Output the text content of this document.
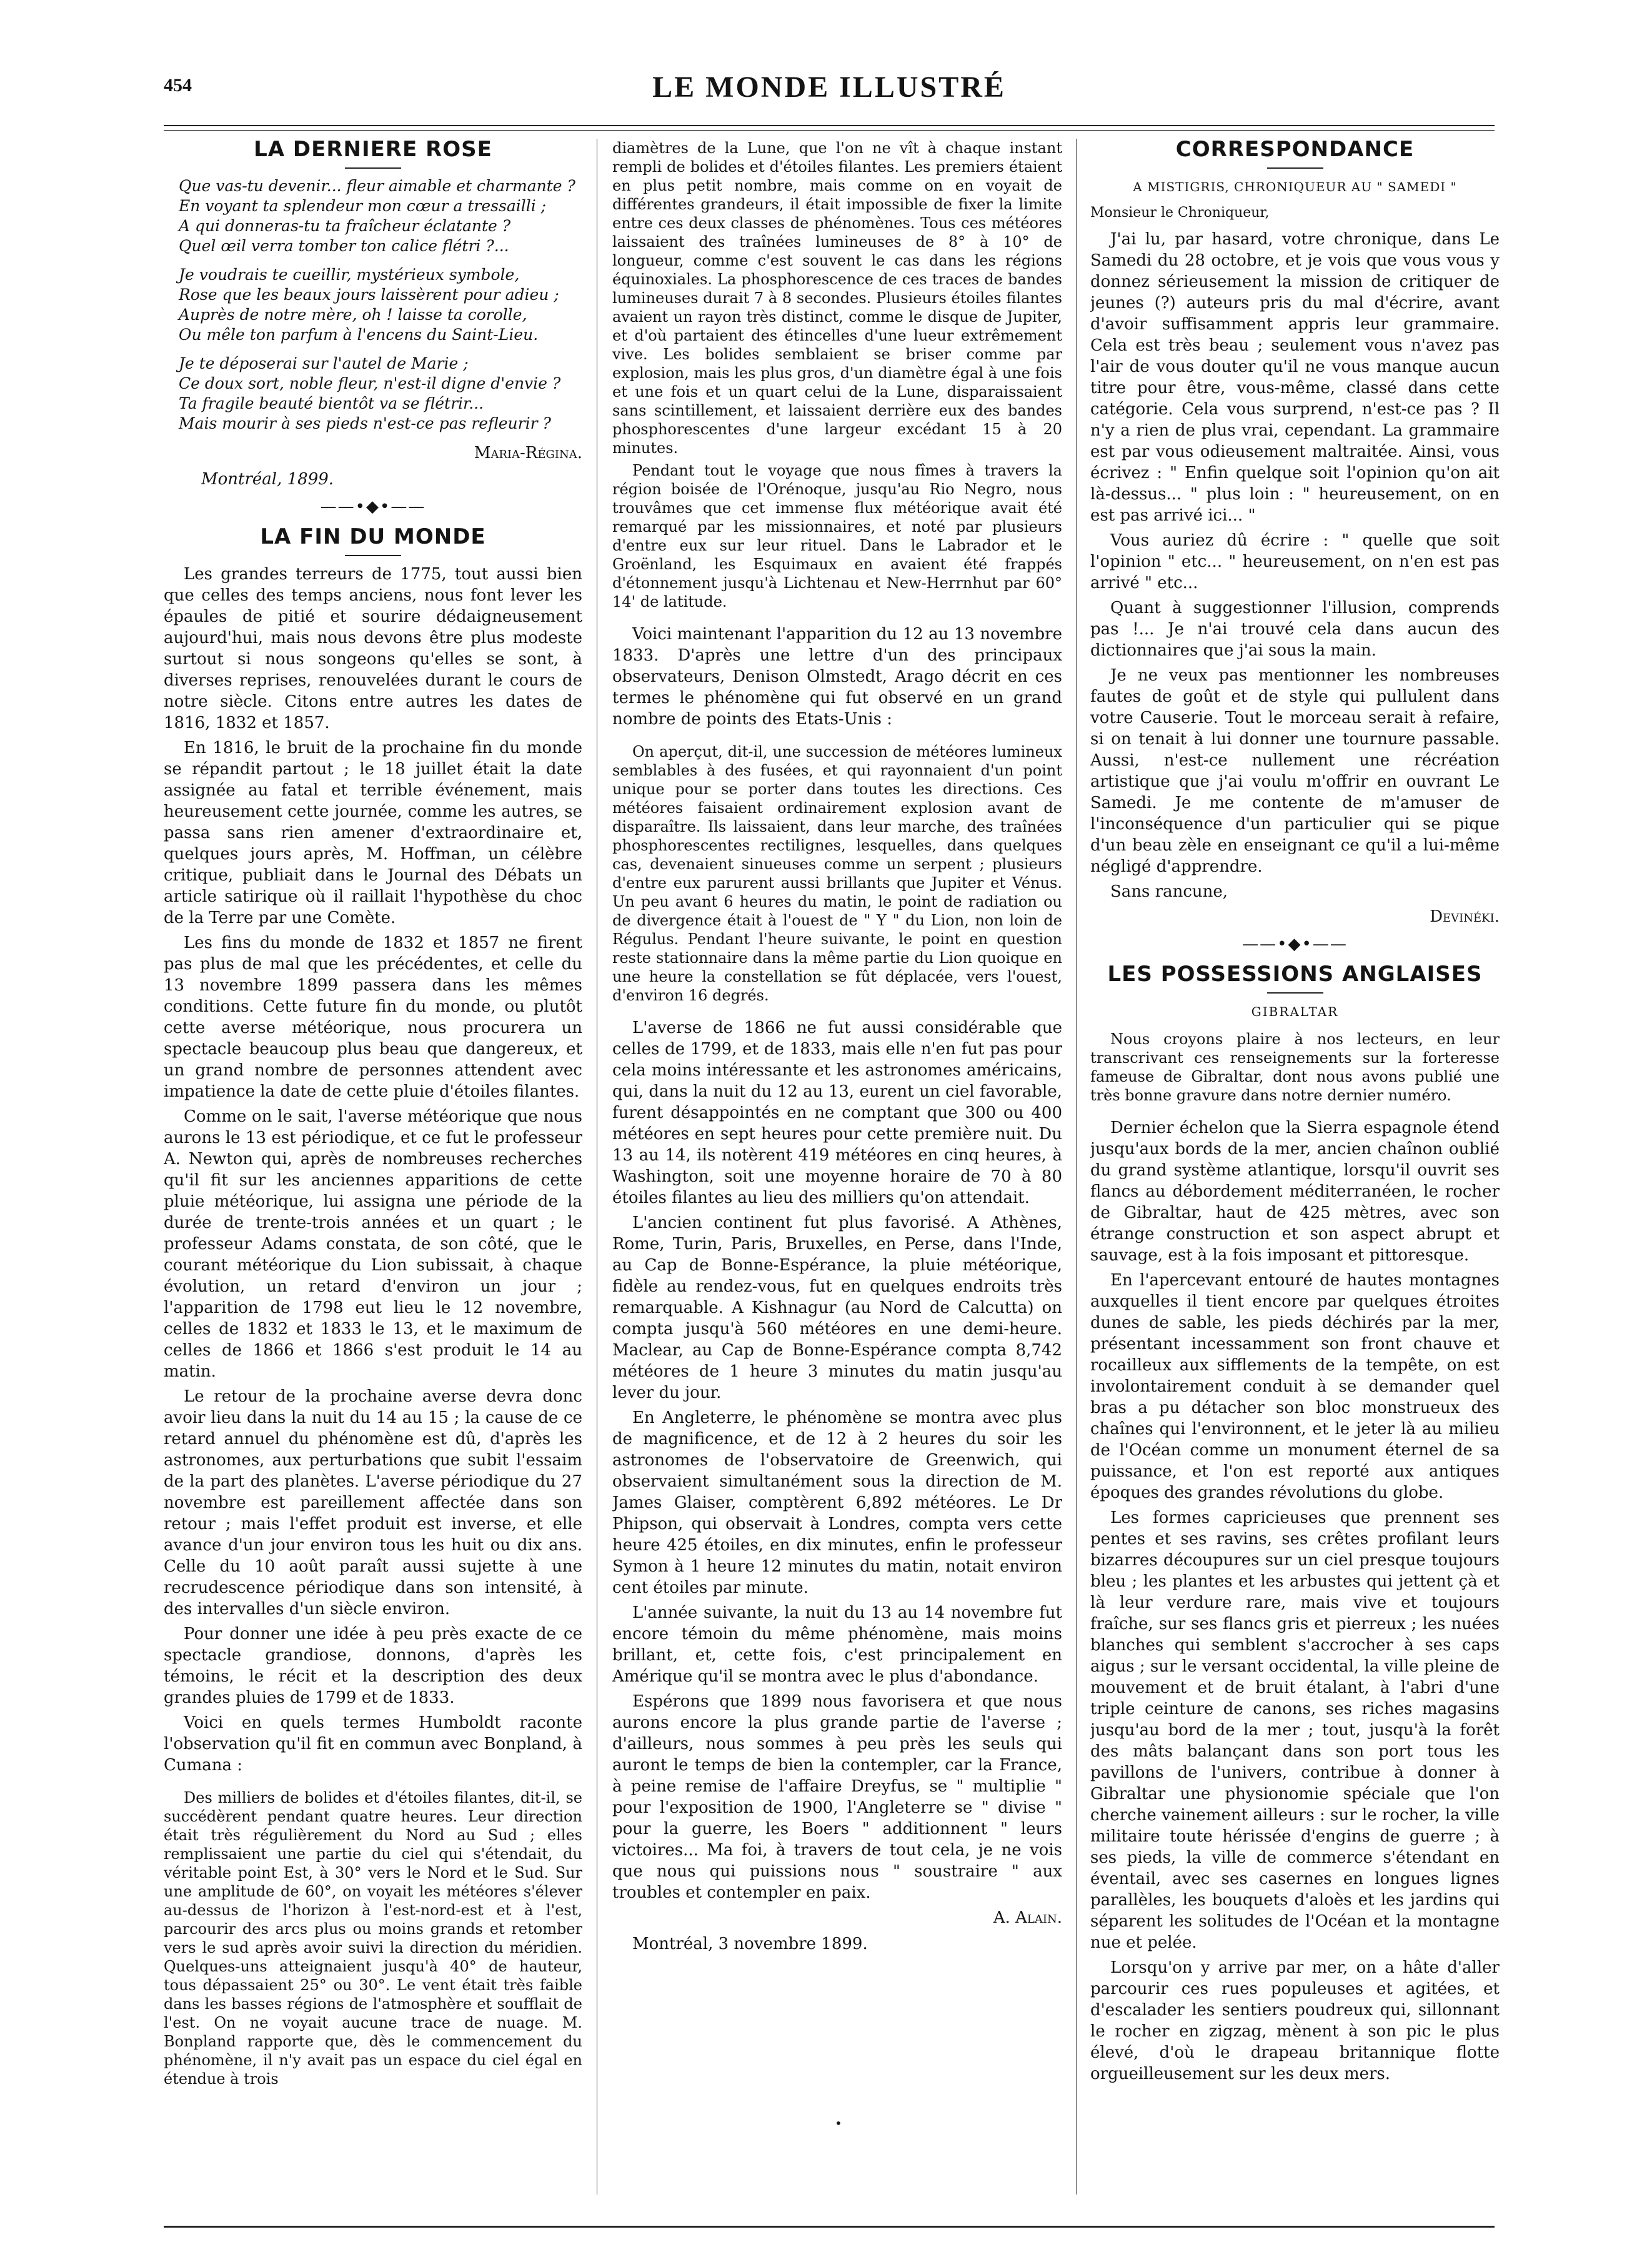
454	LE MONDE ILLUSTRÉ
LA DERNIERE ROSE
Que vas-tu devenir... fleur aimable et charmante ?
En voyant ta splendeur mon cœur a tressailli ;
A qui donneras-tu ta fraîcheur éclatante ?
Quel œil verra tomber ton calice flétri ?...
Je voudrais te cueillir, mystérieux symbole,
Rose que les beaux jours laissèrent pour adieu ;
Auprès de notre mère, oh ! laisse ta corolle,
Ou mêle ton parfum à l'encens du Saint-Lieu.
Je te déposerai sur l'autel de Marie ;
Ce doux sort, noble fleur, n'est-il digne d'envie ?
Ta fragile beauté bientôt va se flétrir...
Mais mourir à ses pieds n'est-ce pas refleurir ?
Maria-Régina.
Montréal, 1899.
——•◆•——
LA FIN DU MONDE

Les grandes terreurs de 1775, tout aussi bien que celles des temps anciens, nous font lever les épaules de pitié et sourire dédaigneusement aujourd'hui, mais nous devons être plus modeste surtout si nous songeons qu'elles se sont, à diverses reprises, renouvelées durant le cours de notre siècle. Citons entre autres les dates de 1816, 1832 et 1857.

En 1816, le bruit de la prochaine fin du monde se répandit partout ; le 18 juillet était la date assignée au fatal et terrible événement, mais heureusement cette journée, comme les autres, se passa sans rien amener d'extraordinaire et, quelques jours après, M. Hoffman, un célèbre critique, publiait dans le Journal des Débats un article satirique où il raillait l'hypothèse du choc de la Terre par une Comète.

Les fins du monde de 1832 et 1857 ne firent pas plus de mal que les précédentes, et celle du 13 novembre 1899 passera dans les mêmes conditions. Cette future fin du monde, ou plutôt cette averse météorique, nous procurera un spectacle beaucoup plus beau que dangereux, et un grand nombre de personnes attendent avec impatience la date de cette pluie d'étoiles filantes.

Comme on le sait, l'averse météorique que nous aurons le 13 est périodique, et ce fut le professeur A. Newton qui, après de nombreuses recherches qu'il fit sur les anciennes apparitions de cette pluie météorique, lui assigna une période de la durée de trente-trois années et un quart ; le professeur Adams constata, de son côté, que le courant météorique du Lion subissait, à chaque évolution, un retard d'environ un jour ; l'apparition de 1798 eut lieu le 12 novembre, celles de 1832 et 1833 le 13, et le maximum de celles de 1866 et 1866 s'est produit le 14 au matin.

Le retour de la prochaine averse devra donc avoir lieu dans la nuit du 14 au 15 ; la cause de ce retard annuel du phénomène est dû, d'après les astronomes, aux perturbations que subit l'essaim de la part des planètes. L'averse périodique du 27 novembre est pareillement affectée dans son retour ; mais l'effet produit est inverse, et elle avance d'un jour environ tous les huit ou dix ans. Celle du 10 août paraît aussi sujette à une recrudescence périodique dans son intensité, à des intervalles d'un siècle environ.

Pour donner une idée à peu près exacte de ce spectacle grandiose, donnons, d'après les témoins, le récit et la description des deux grandes pluies de 1799 et de 1833.

Voici en quels termes Humboldt raconte l'observation qu'il fit en commun avec Bonpland, à Cumana :

Des milliers de bolides et d'étoiles filantes, dit-il, se succédèrent pendant quatre heures. Leur direction était très régulièrement du Nord au Sud ; elles remplissaient une partie du ciel qui s'étendait, du véritable point Est, à 30° vers le Nord et le Sud. Sur une amplitude de 60°, on voyait les météores s'élever au-dessus de l'horizon à l'est-nord-est et à l'est, parcourir des arcs plus ou moins grands et retomber vers le sud après avoir suivi la direction du méridien. Quelques-uns atteignaient jusqu'à 40° de hauteur, tous dépassaient 25° ou 30°. Le vent était très faible dans les basses régions de l'atmosphère et soufflait de l'est. On ne voyait aucune trace de nuage. M. Bonpland rapporte que, dès le commencement du phénomène, il n'y avait pas un espace du ciel égal en étendue à trois

diamètres de la Lune, que l'on ne vît à chaque instant rempli de bolides et d'étoiles filantes. Les premiers étaient en plus petit nombre, mais comme on en voyait de différentes grandeurs, il était impossible de fixer la limite entre ces deux classes de phénomènes. Tous ces météores laissaient des traînées lumineuses de 8° à 10° de longueur, comme c'est souvent le cas dans les régions équinoxiales. La phosphorescence de ces traces de bandes lumineuses durait 7 à 8 secondes. Plusieurs étoiles filantes avaient un rayon très distinct, comme le disque de Jupiter, et d'où partaient des étincelles d'une lueur extrêmement vive. Les bolides semblaient se briser comme par explosion, mais les plus gros, d'un diamètre égal à une fois et une fois et un quart celui de la Lune, disparaissaient sans scintillement, et laissaient derrière eux des bandes phosphorescentes d'une largeur excédant 15 à 20 minutes.

Pendant tout le voyage que nous fîmes à travers la région boisée de l'Orénoque, jusqu'au Rio Negro, nous trouvâmes que cet immense flux météorique avait été remarqué par les missionnaires, et noté par plusieurs d'entre eux sur leur rituel. Dans le Labrador et le Groënland, les Esquimaux en avaient été frappés d'étonnement jusqu'à Lichtenau et New-Herrnhut par 60° 14' de latitude.

Voici maintenant l'apparition du 12 au 13 novembre 1833. D'après une lettre d'un des principaux observateurs, Denison Olmstedt, Arago décrit en ces termes le phénomène qui fut observé en un grand nombre de points des Etats-Unis :

On aperçut, dit-il, une succession de météores lumineux semblables à des fusées, et qui rayonnaient d'un point unique pour se porter dans toutes les directions. Ces météores faisaient ordinairement explosion avant de disparaître. Ils laissaient, dans leur marche, des traînées phosphorescentes rectilignes, lesquelles, dans quelques cas, devenaient sinueuses comme un serpent ; plusieurs d'entre eux parurent aussi brillants que Jupiter et Vénus. Un peu avant 6 heures du matin, le point de radiation ou de divergence était à l'ouest de " Y " du Lion, non loin de Régulus. Pendant l'heure suivante, le point en question reste stationnaire dans la même partie du Lion quoique en une heure la constellation se fût déplacée, vers l'ouest, d'environ 16 degrés.

L'averse de 1866 ne fut aussi considérable que celles de 1799, et de 1833, mais elle n'en fut pas pour cela moins intéressante et les astronomes américains, qui, dans la nuit du 12 au 13, eurent un ciel favorable, furent désappointés en ne comptant que 300 ou 400 météores en sept heures pour cette première nuit. Du 13 au 14, ils notèrent 419 météores en cinq heures, à Washington, soit une moyenne horaire de 70 à 80 étoiles filantes au lieu des milliers qu'on attendait.

L'ancien continent fut plus favorisé. A Athènes, Rome, Turin, Paris, Bruxelles, en Perse, dans l'Inde, au Cap de Bonne-Espérance, la pluie météorique, fidèle au rendez-vous, fut en quelques endroits très remarquable. A Kishnagur (au Nord de Calcutta) on compta jusqu'à 560 météores en une demi-heure. Maclear, au Cap de Bonne-Espérance compta 8,742 météores de 1 heure 3 minutes du matin jusqu'au lever du jour.

En Angleterre, le phénomène se montra avec plus de magnificence, et de 12 à 2 heures du soir les astronomes de l'observatoire de Greenwich, qui observaient simultanément sous la direction de M. James Glaiser, comptèrent 6,892 météores. Le Dr Phipson, qui observait à Londres, compta vers cette heure 425 étoiles, en dix minutes, enfin le professeur Symon à 1 heure 12 minutes du matin, notait environ cent étoiles par minute.

L'année suivante, la nuit du 13 au 14 novembre fut encore témoin du même phénomène, mais moins brillant, et, cette fois, c'est principalement en Amérique qu'il se montra avec le plus d'abondance.

Espérons que 1899 nous favorisera et que nous aurons encore la plus grande partie de l'averse ; d'ailleurs, nous sommes à peu près les seuls qui auront le temps de bien la contempler, car la France, à peine remise de l'affaire Dreyfus, se " multiplie " pour l'exposition de 1900, l'Angleterre se " divise " pour la guerre, les Boers " additionnent " leurs victoires... Ma foi, à travers de tout cela, je ne vois que nous qui puissions nous " soustraire " aux troubles et contempler en paix.

A. Alain.

Montréal, 3 novembre 1899.

CORRESPONDANCE
A MISTIGRIS, CHRONIQUEUR AU " SAMEDI "
Monsieur le Chroniqueur,

J'ai lu, par hasard, votre chronique, dans Le Samedi du 28 octobre, et je vois que vous vous y donnez sérieusement la mission de critiquer de jeunes (?) auteurs pris du mal d'écrire, avant d'avoir suffisamment appris leur grammaire. Cela est très beau ; seulement vous n'avez pas l'air de vous douter qu'il ne vous manque aucun titre pour être, vous-même, classé dans cette catégorie. Cela vous surprend, n'est-ce pas ? Il n'y a rien de plus vrai, cependant. La grammaire est par vous odieusement maltraitée. Ainsi, vous écrivez : " Enfin quelque soit l'opinion qu'on ait là-dessus... " plus loin : " heureusement, on en est pas arrivé ici... "

Vous auriez dû écrire : " quelle que soit l'opinion " etc... " heureusement, on n'en est pas arrivé " etc...

Quant à suggestionner l'illusion, comprends pas !... Je n'ai trouvé cela dans aucun des dictionnaires que j'ai sous la main.

Je ne veux pas mentionner les nombreuses fautes de goût et de style qui pullulent dans votre Causerie. Tout le morceau serait à refaire, si on tenait à lui donner une tournure passable. Aussi, n'est-ce nullement une récréation artistique que j'ai voulu m'offrir en ouvrant Le Samedi. Je me contente de m'amuser de l'inconséquence d'un particulier qui se pique d'un beau zèle en enseignant ce qu'il a lui-même négligé d'apprendre.

Sans rancune,

Devinéki.
——•◆•——
LES POSSESSIONS ANGLAISES
GIBRALTAR

Nous croyons plaire à nos lecteurs, en leur transcrivant ces renseignements sur la forteresse fameuse de Gibraltar, dont nous avons publié une très bonne gravure dans notre dernier numéro.

Dernier échelon que la Sierra espagnole étend jusqu'aux bords de la mer, ancien chaînon oublié du grand système atlantique, lorsqu'il ouvrit ses flancs au débordement méditerranéen, le rocher de Gibraltar, haut de 425 mètres, avec son étrange construction et son aspect abrupt et sauvage, est à la fois imposant et pittoresque.

En l'apercevant entouré de hautes montagnes auxquelles il tient encore par quelques étroites dunes de sable, les pieds déchirés par la mer, présentant incessamment son front chauve et rocailleux aux sifflements de la tempête, on est involontairement conduit à se demander quel bras a pu détacher son bloc monstrueux des chaînes qui l'environnent, et le jeter là au milieu de l'Océan comme un monument éternel de sa puissance, et l'on est reporté aux antiques époques des grandes révolutions du globe.

Les formes capricieuses que prennent ses pentes et ses ravins, ses crêtes profilant leurs bizarres découpures sur un ciel presque toujours bleu ; les plantes et les arbustes qui jettent çà et là leur verdure rare, mais vive et toujours fraîche, sur ses flancs gris et pierreux ; les nuées blanches qui semblent s'accrocher à ses caps aigus ; sur le versant occidental, la ville pleine de mouvement et de bruit étalant, à l'abri d'une triple ceinture de canons, ses riches magasins jusqu'au bord de la mer ; tout, jusqu'à la forêt des mâts balançant dans son port tous les pavillons de l'univers, contribue à donner à Gibraltar une physionomie spéciale que l'on cherche vainement ailleurs : sur le rocher, la ville militaire toute hérissée d'engins de guerre ; à ses pieds, la ville de commerce s'étendant en éventail, avec ses casernes en longues lignes parallèles, les bouquets d'aloès et les jardins qui séparent les solitudes de l'Océan et la montagne nue et pelée.

Lorsqu'on y arrive par mer, on a hâte d'aller parcourir ces rues populeuses et agitées, et d'escalader les sentiers poudreux qui, sillonnant le rocher en zigzag, mènent à son pic le plus élevé, d'où le drapeau britannique flotte orgueilleusement sur les deux mers.

•
